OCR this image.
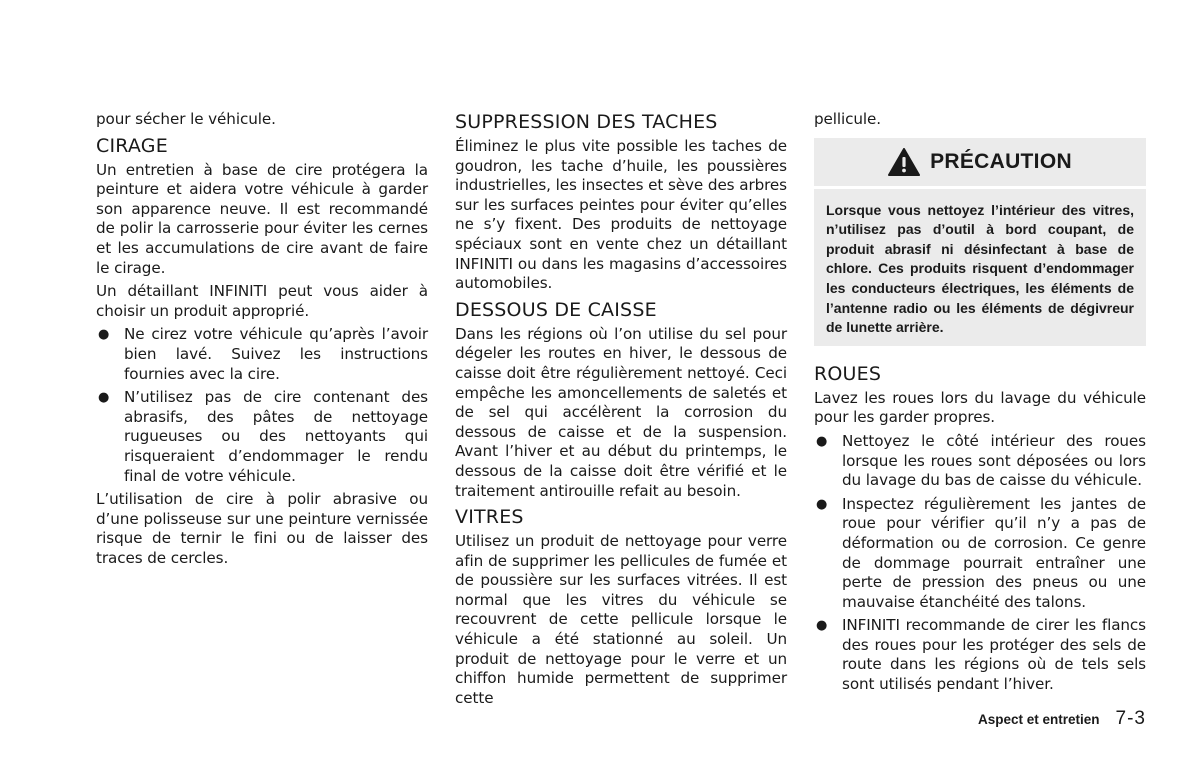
pour sécher le véhicule.

CIRAGE

Un entretien à base de cire protégera la peinture et aidera votre véhicule à garder son apparence neuve. Il est recommandé de polir la carrosserie pour éviter les cernes et les accumulations de cire avant de faire le cirage.

Un détaillant INFINITI peut vous aider à choisir un produit approprié.

● Ne cirez votre véhicule qu’après l’avoir bien lavé. Suivez les instructions fournies avec la cire.
● N’utilisez pas de cire contenant des abrasifs, des pâtes de nettoyage rugueuses ou des nettoyants qui risqueraient d’endommager le rendu final de votre véhicule.

L’utilisation de cire à polir abrasive ou d’une polisseuse sur une peinture vernissée risque de ternir le fini ou de laisser des traces de cercles.

SUPPRESSION DES TACHES

Éliminez le plus vite possible les taches de goudron, les tache d’huile, les poussières industrielles, les insectes et sève des arbres sur les surfaces peintes pour éviter qu’elles ne s’y fixent. Des produits de nettoyage spéciaux sont en vente chez un détaillant INFINITI ou dans les magasins d’accessoires automobiles.

DESSOUS DE CAISSE

Dans les régions où l’on utilise du sel pour dégeler les routes en hiver, le dessous de caisse doit être régulièrement nettoyé. Ceci empêche les amoncellements de saletés et de sel qui accélèrent la corrosion du dessous de caisse et de la suspension. Avant l’hiver et au début du printemps, le dessous de la caisse doit être vérifié et le traitement antirouille refait au besoin.

VITRES

Utilisez un produit de nettoyage pour verre afin de supprimer les pellicules de fumée et de poussière sur les surfaces vitrées. Il est normal que les vitres du véhicule se recouvrent de cette pellicule lorsque le véhicule a été stationné au soleil. Un produit de nettoyage pour le verre et un chiffon humide permettent de supprimer cette

pellicule.

PRÉCAUTION
Lorsque vous nettoyez l’intérieur des vitres, n’utilisez pas d’outil à bord coupant, de produit abrasif ni désinfectant à base de chlore. Ces produits risquent d’endommager les conducteurs électriques, les éléments de l’antenne radio ou les éléments de dégivreur de lunette arrière.
ROUES

Lavez les roues lors du lavage du véhicule pour les garder propres.

● Nettoyez le côté intérieur des roues lorsque les roues sont déposées ou lors du lavage du bas de caisse du véhicule.
● Inspectez régulièrement les jantes de roue pour vérifier qu’il n’y a pas de déformation ou de corrosion. Ce genre de dommage pourrait entraîner une perte de pression des pneus ou une mauvaise étanchéité des talons.
● INFINITI recommande de cirer les flancs des roues pour les protéger des sels de route dans les régions où de tels sels sont utilisés pendant l’hiver.
Aspect et entretien 7-3
